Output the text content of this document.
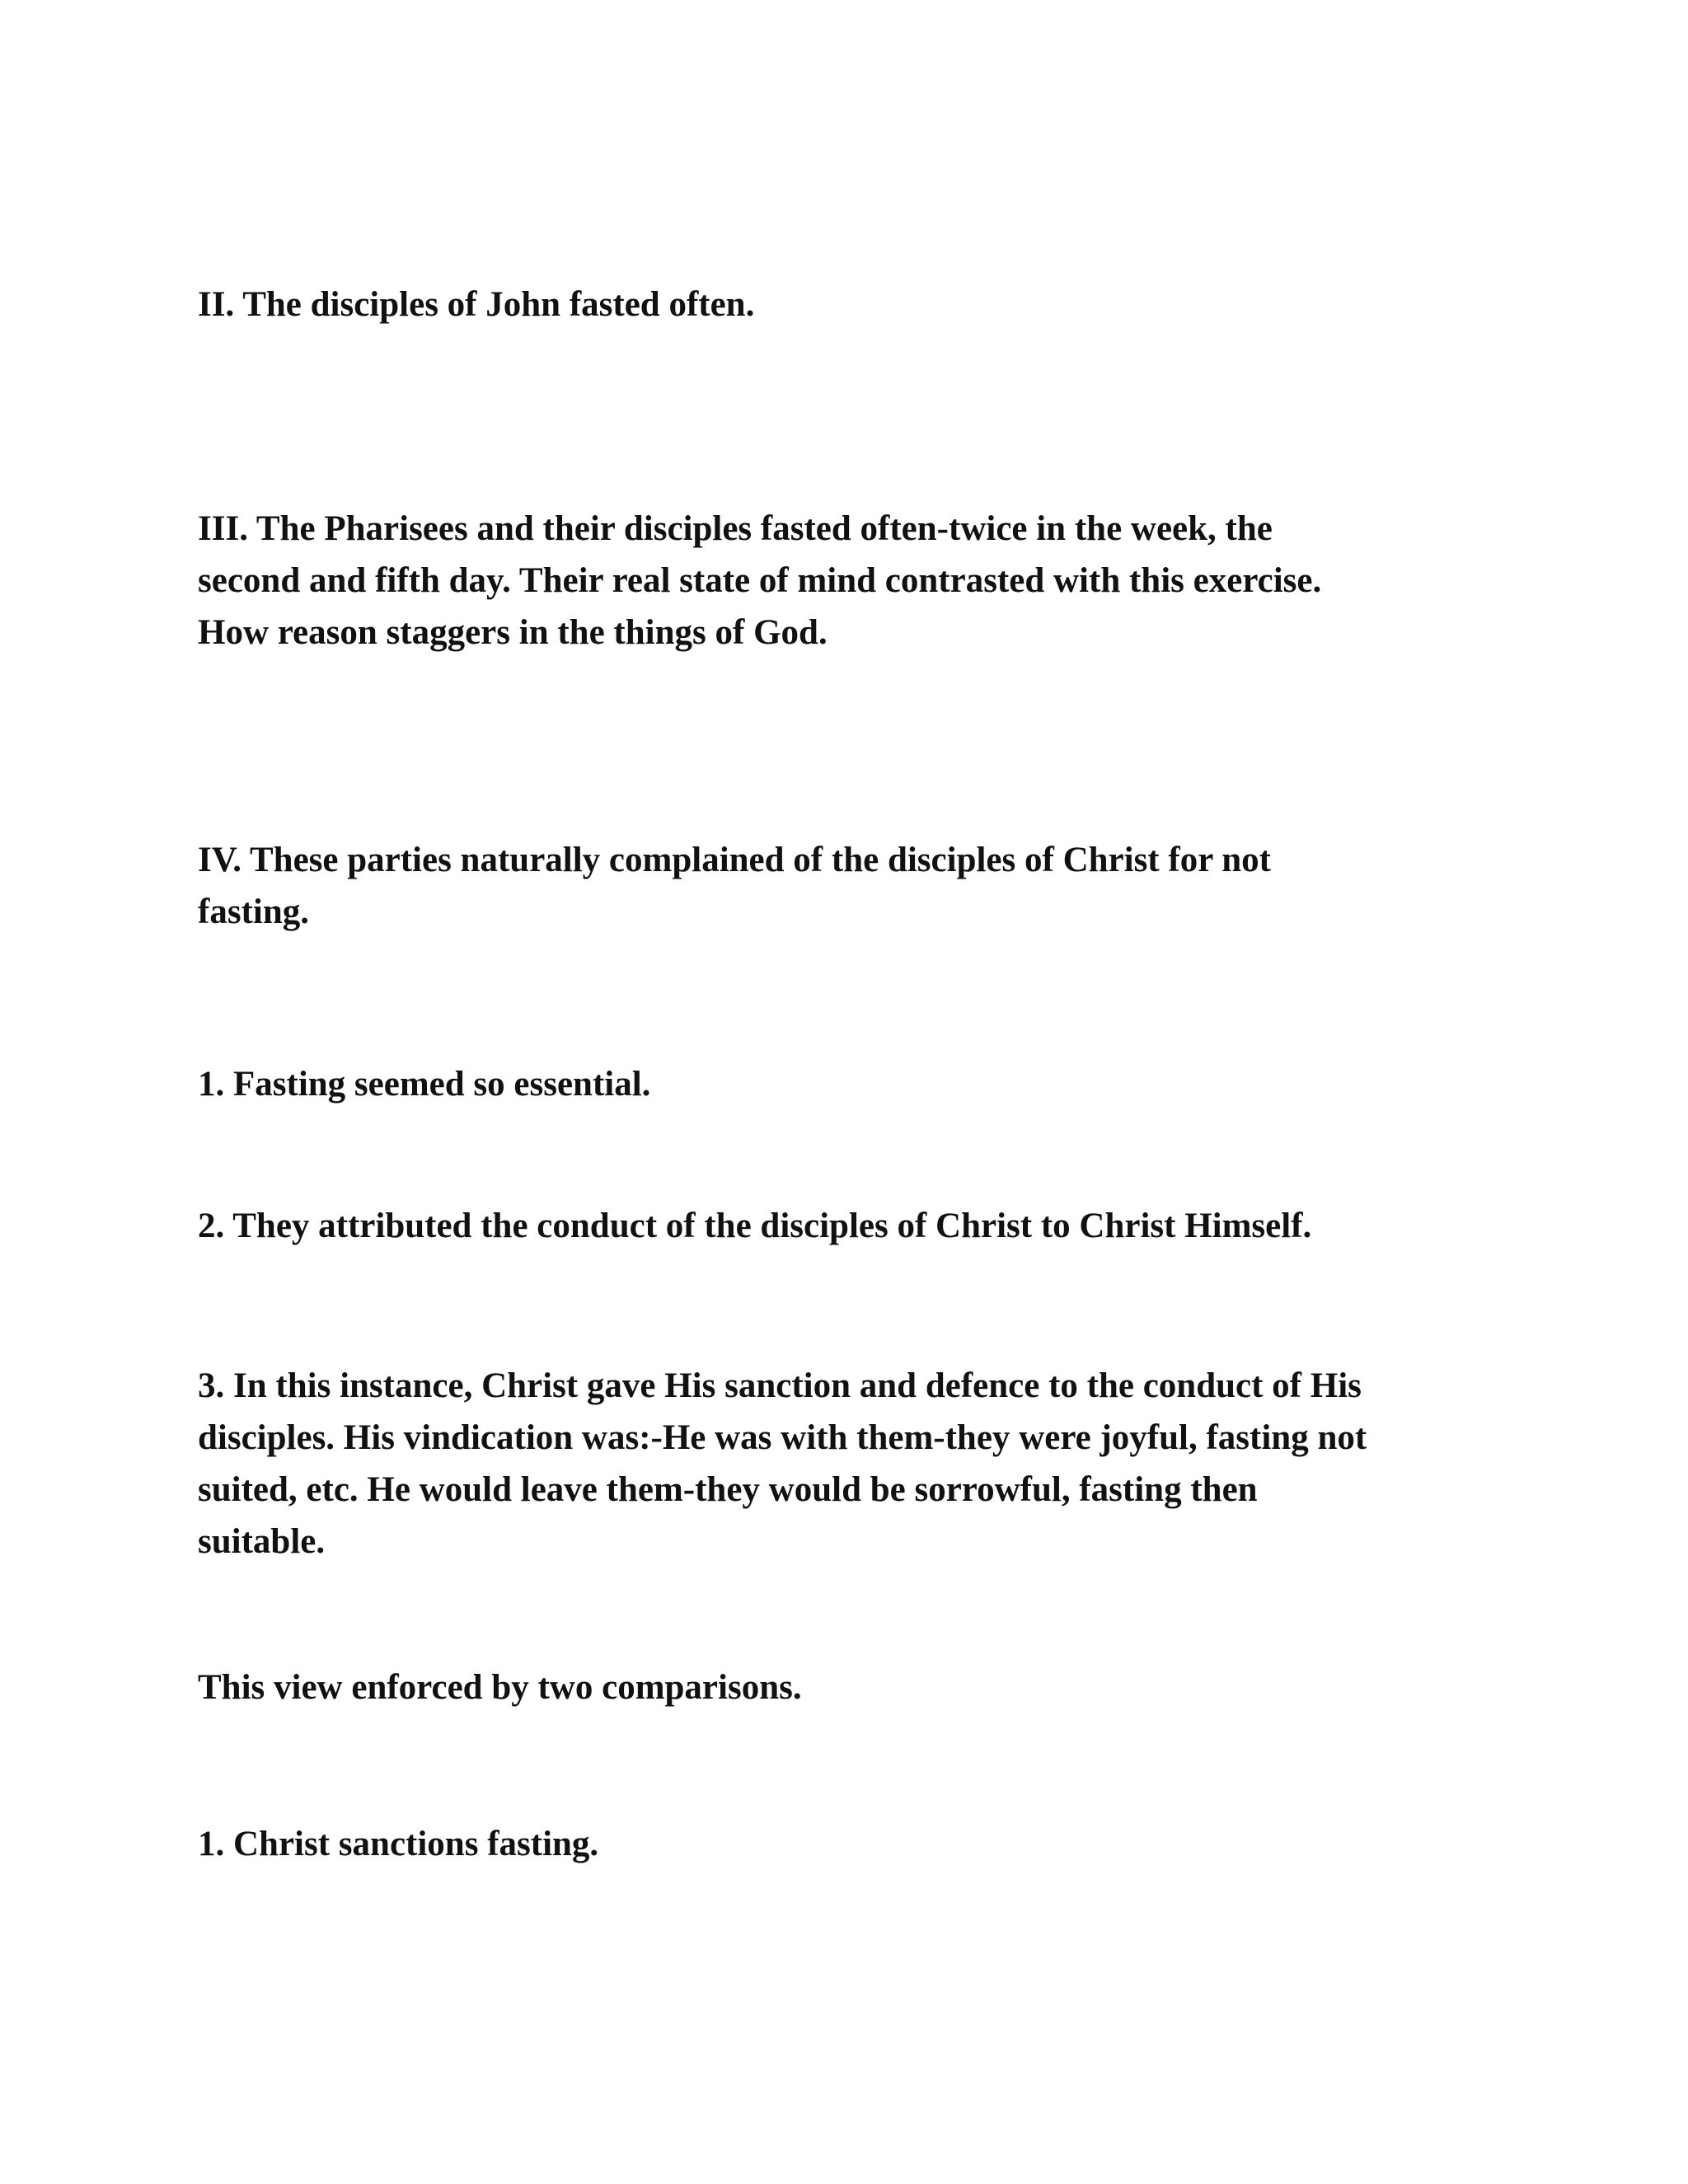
II. The disciples of John fasted often.

III. The Pharisees and their disciples fasted often-twice in the week, the
second and fifth day. Their real state of mind contrasted with this exercise.
How reason staggers in the things of God.

IV. These parties naturally complained of the disciples of Christ for not
fasting.

1. Fasting seemed so essential.

2. They attributed the conduct of the disciples of Christ to Christ Himself.

3. In this instance, Christ gave His sanction and defence to the conduct of His
disciples. His vindication was:-He was with them-they were joyful, fasting not
suited, etc. He would leave them-they would be sorrowful, fasting then
suitable.

This view enforced by two comparisons.

1. Christ sanctions fasting.
